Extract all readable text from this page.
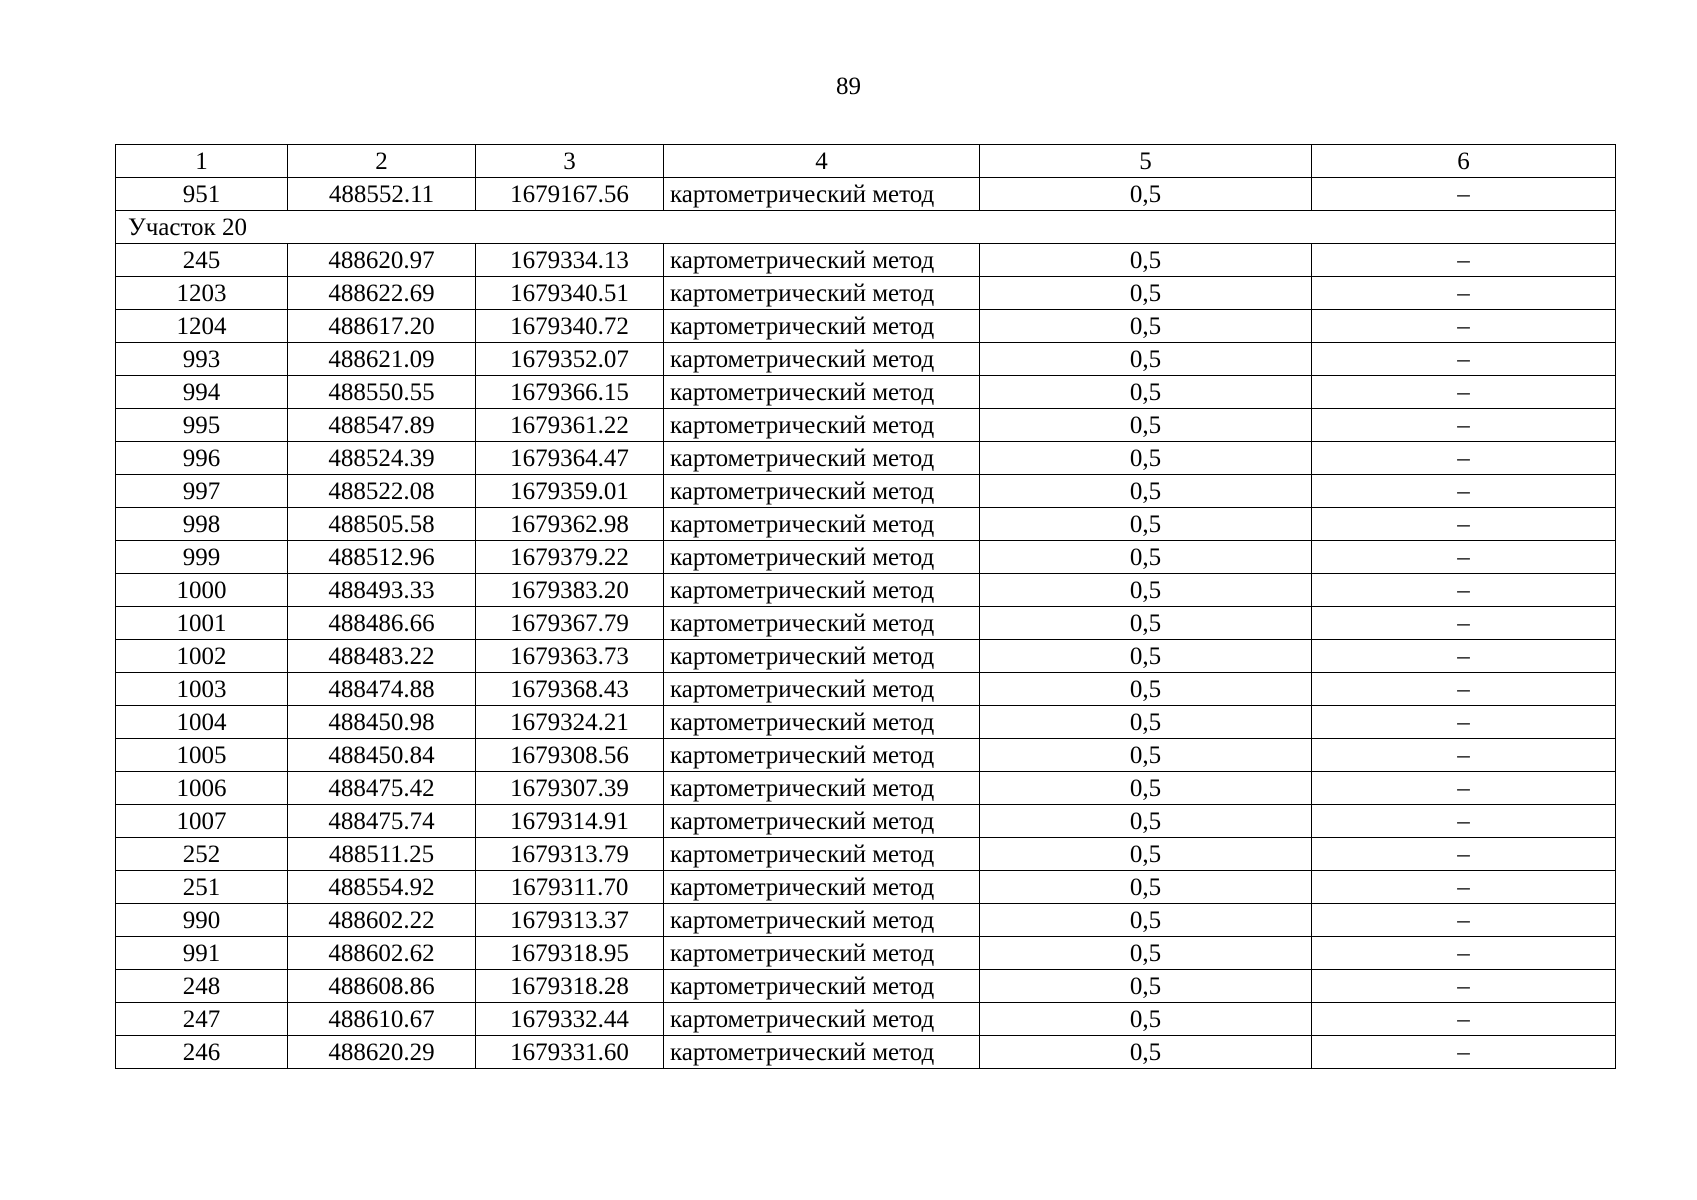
89
1	2	3	4	5	6
951	488552.11	1679167.56	картометрический метод	0,5	–
Участок 20					
245	488620.97	1679334.13	картометрический метод	0,5	–
1203	488622.69	1679340.51	картометрический метод	0,5	–
1204	488617.20	1679340.72	картометрический метод	0,5	–
993	488621.09	1679352.07	картометрический метод	0,5	–
994	488550.55	1679366.15	картометрический метод	0,5	–
995	488547.89	1679361.22	картометрический метод	0,5	–
996	488524.39	1679364.47	картометрический метод	0,5	–
997	488522.08	1679359.01	картометрический метод	0,5	–
998	488505.58	1679362.98	картометрический метод	0,5	–
999	488512.96	1679379.22	картометрический метод	0,5	–
1000	488493.33	1679383.20	картометрический метод	0,5	–
1001	488486.66	1679367.79	картометрический метод	0,5	–
1002	488483.22	1679363.73	картометрический метод	0,5	–
1003	488474.88	1679368.43	картометрический метод	0,5	–
1004	488450.98	1679324.21	картометрический метод	0,5	–
1005	488450.84	1679308.56	картометрический метод	0,5	–
1006	488475.42	1679307.39	картометрический метод	0,5	–
1007	488475.74	1679314.91	картометрический метод	0,5	–
252	488511.25	1679313.79	картометрический метод	0,5	–
251	488554.92	1679311.70	картометрический метод	0,5	–
990	488602.22	1679313.37	картометрический метод	0,5	–
991	488602.62	1679318.95	картометрический метод	0,5	–
248	488608.86	1679318.28	картометрический метод	0,5	–
247	488610.67	1679332.44	картометрический метод	0,5	–
246	488620.29	1679331.60	картометрический метод	0,5	–
